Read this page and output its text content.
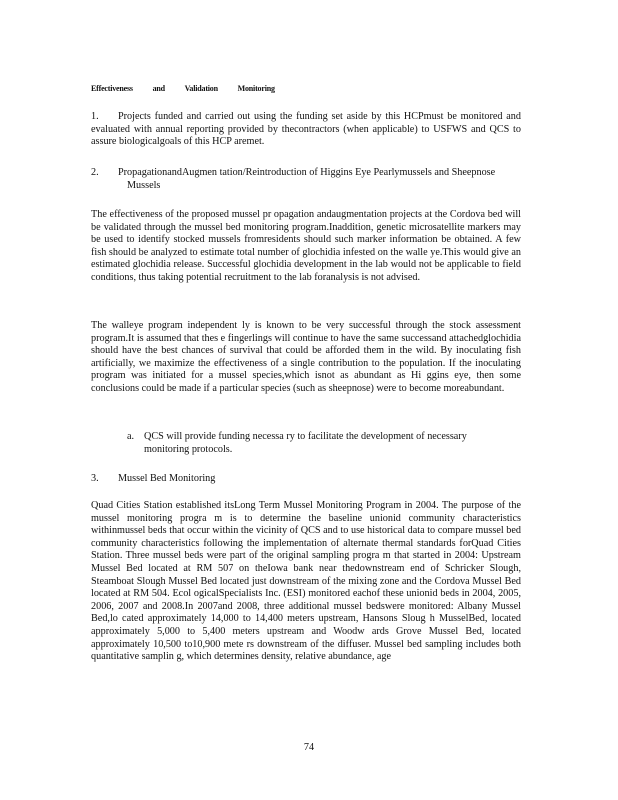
Effectiveness and Validation Monitoring
1.	Projects funded and carried out using the funding set aside by this HCPmust be monitored and evaluated with annual reporting provided by thecontractors (when applicable) to USFWS and QCS to assure biologicalgoals of this HCP aremet.
2. PropagationandAugmen tation/Reintroduction of Higgins Eye Pearlymussels and Sheepnose Mussels
The effectiveness of the proposed mussel pr opagation andaugmentation projects at the Cordova bed will be validated through the mussel bed monitoring program.Inaddition, genetic microsatellite markers may be used to identify stocked mussels fromresidents should such marker information be obtained. A few fish should be analyzed to estimate total number of glochidia infested on the walle ye.This would give an estimated glochidia release. Successful glochidia development in the lab would not be applicable to field conditions, thus taking potential recruitment to the lab foranalysis is not advised.
The walleye program independent ly is known to be very successful through the stock assessment program.It is assumed that thes e fingerlings will continue to have the same successand attachedglochidia should have the best chances of survival that could be afforded them in the wild. By inoculating fish artificially, we maximize the effectiveness of a single contribution to the population. If the inoculating program was initiated for a mussel species,which isnot as abundant as Hi ggins eye, then some conclusions could be made if a particular species (such as sheepnose) were to become moreabundant.
a. QCS will provide funding necessa ry to facilitate the development of necessary monitoring protocols.
3. Mussel Bed Monitoring
Quad Cities Station established itsLong Term Mussel Monitoring Program in 2004. The purpose of the mussel monitoring progra m is to determine the baseline unionid community characteristics withinmussel beds that occur within the vicinity of QCS and to use historical data to compare mussel bed community characteristics following the implementation of alternate thermal standards forQuad Cities Station. Three mussel beds were part of the original sampling progra m that started in 2004: Upstream Mussel Bed located at RM 507 on theIowa bank near thedownstream end of Schricker Slough, Steamboat Slough Mussel Bed located just downstream of the mixing zone and the Cordova Mussel Bed located at RM 504. Ecol ogicalSpecialists Inc. (ESI) monitored eachof these unionid beds in 2004, 2005, 2006, 2007 and 2008.In 2007and 2008, three additional mussel bedswere monitored: Albany Mussel Bed,lo cated approximately 14,000 to 14,400 meters upstream, Hansons Sloug h MusselBed, located approximately 5,000 to 5,400 meters upstream and Woodw ards Grove Mussel Bed, located approximately 10,500 to10,900 mete rs downstream of the diffuser. Mussel bed sampling includes both quantitative samplin g, which determines density, relative abundance, age
74
